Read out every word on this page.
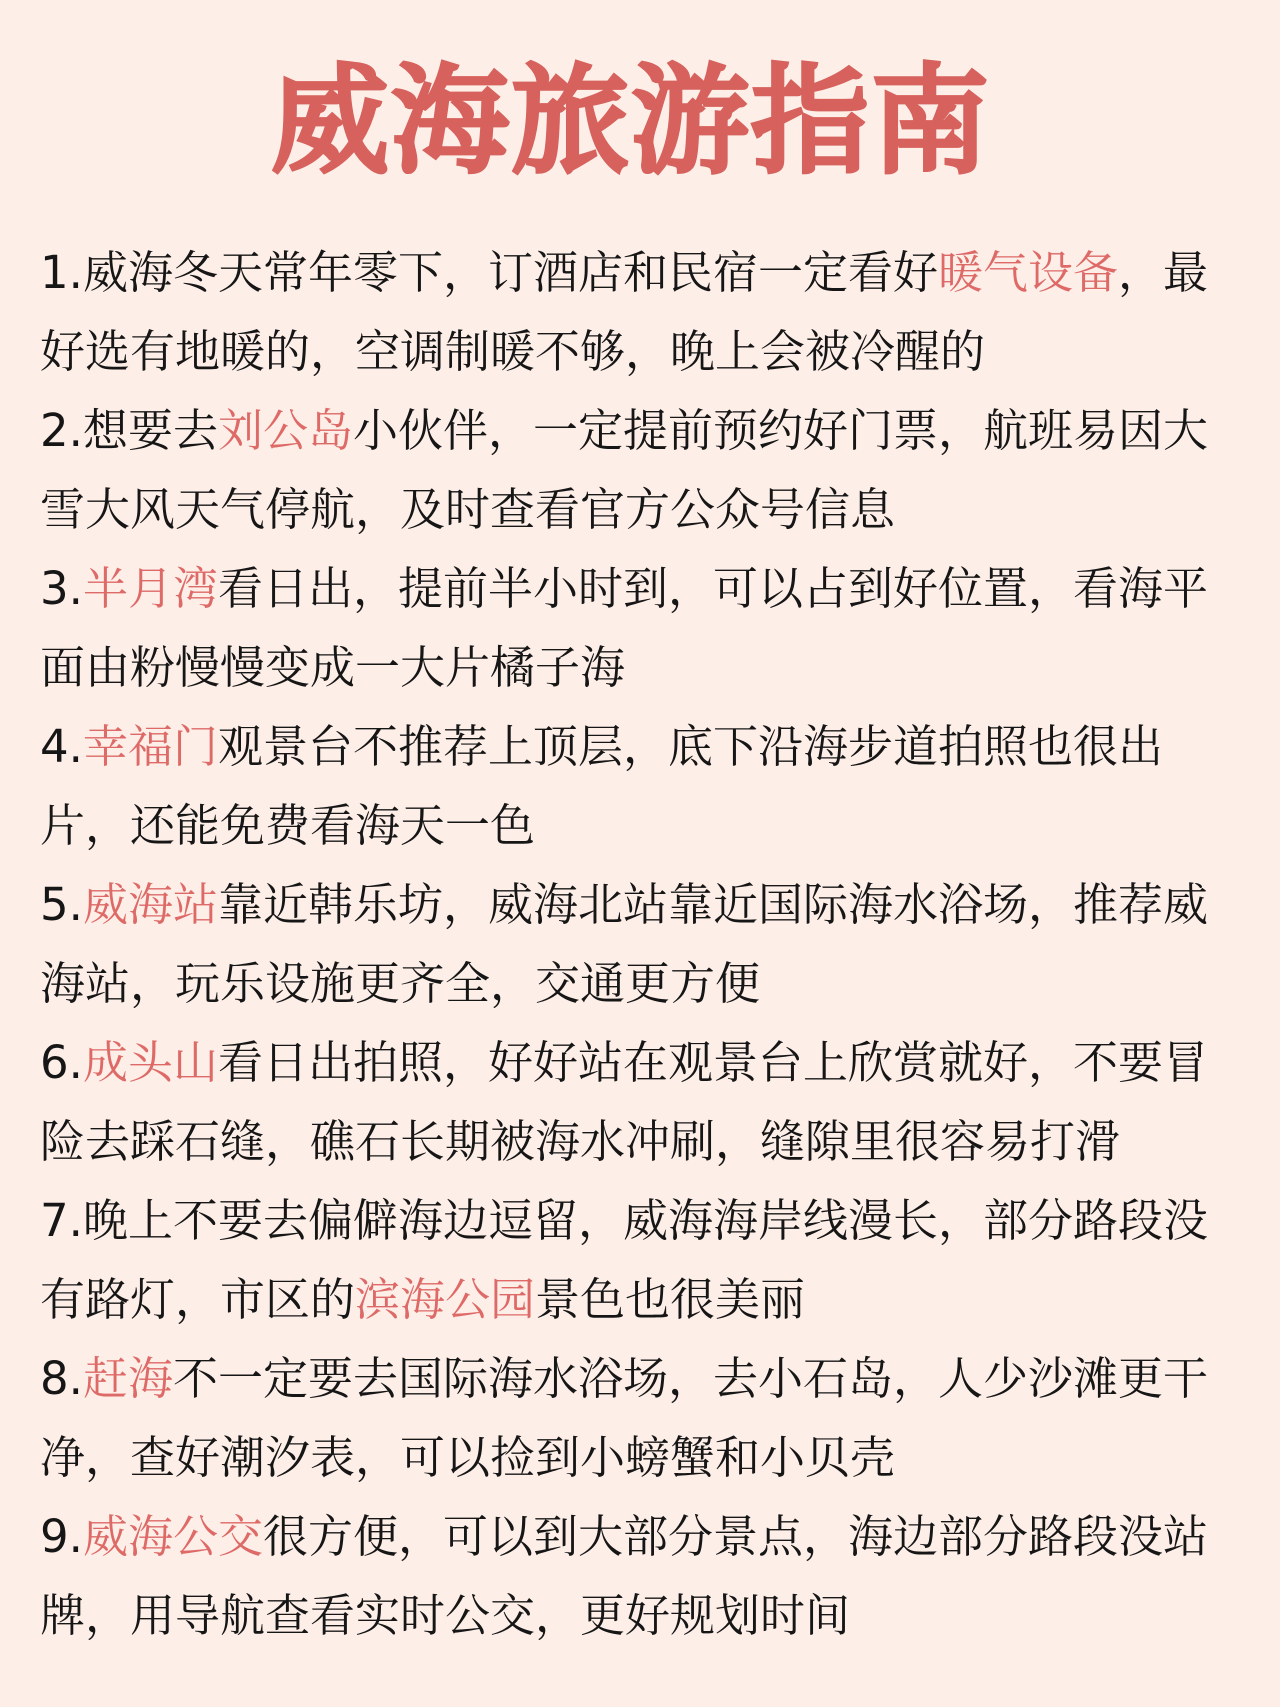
威海旅游指南
1.威海冬天常年零下，订酒店和民宿一定看好暖气设备，最好选有地暖的，空调制暖不够，晚上会被冷醒的
2.想要去刘公岛小伙伴，一定提前预约好门票，航班易因大雪大风天气停航，及时查看官方公众号信息
3.半月湾看日出，提前半小时到，可以占到好位置，看海平面由粉慢慢变成一大片橘子海
4.幸福门观景台不推荐上顶层，底下沿海步道拍照也很出片，还能免费看海天一色
5.威海站靠近韩乐坊，威海北站靠近国际海水浴场，推荐威海站，玩乐设施更齐全，交通更方便
6.成头山看日出拍照，好好站在观景台上欣赏就好，不要冒险去踩石缝，礁石长期被海水冲刷，缝隙里很容易打滑
7.晚上不要去偏僻海边逗留，威海海岸线漫长，部分路段没有路灯，市区的滨海公园景色也很美丽
8.赶海不一定要去国际海水浴场，去小石岛，人少沙滩更干净，查好潮汐表，可以捡到小螃蟹和小贝壳
9.威海公交很方便，可以到大部分景点，海边部分路段没站牌，用导航查看实时公交，更好规划时间
